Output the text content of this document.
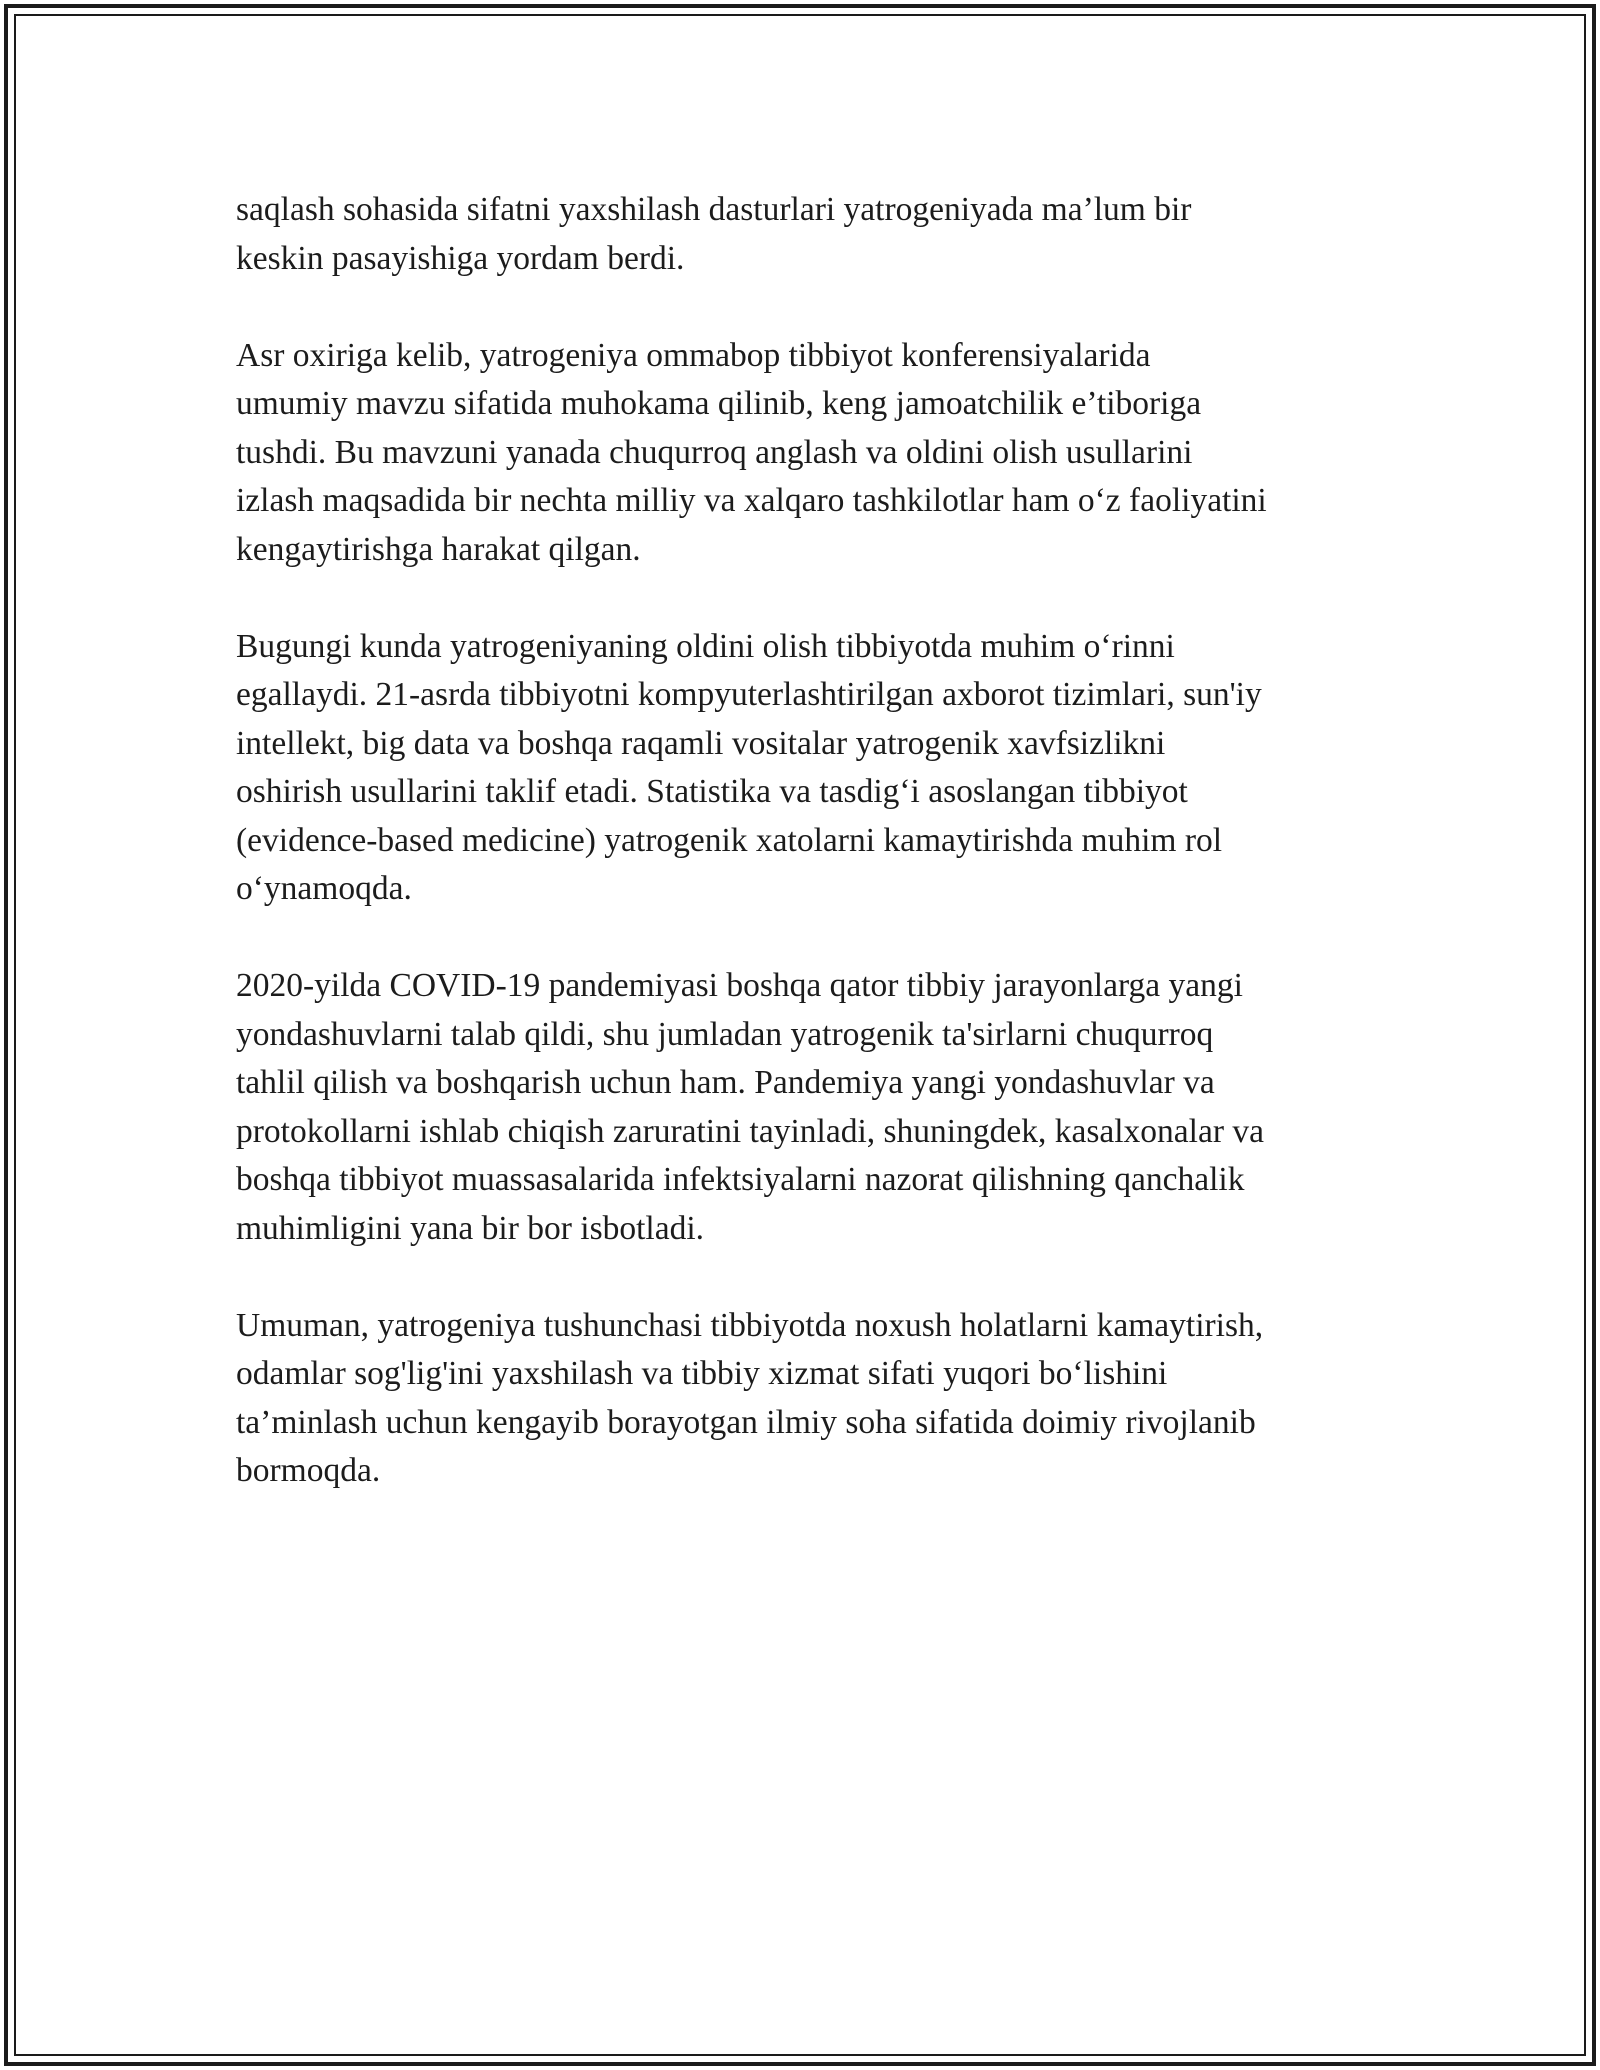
saqlash sohasida sifatni yaxshilash dasturlari yatrogeniyada ma’lum bir
keskin pasayishiga yordam berdi.

Asr oxiriga kelib, yatrogeniya ommabop tibbiyot konferensiyalarida
umumiy mavzu sifatida muhokama qilinib, keng jamoatchilik e’tiboriga
tushdi. Bu mavzuni yanada chuqurroq anglash va oldini olish usullarini
izlash maqsadida bir nechta milliy va xalqaro tashkilotlar ham o‘z faoliyatini
kengaytirishga harakat qilgan.

Bugungi kunda yatrogeniyaning oldini olish tibbiyotda muhim o‘rinni
egallaydi. 21-asrda tibbiyotni kompyuterlashtirilgan axborot tizimlari, sun'iy
intellekt, big data va boshqa raqamli vositalar yatrogenik xavfsizlikni
oshirish usullarini taklif etadi. Statistika va tasdig‘i asoslangan tibbiyot
(evidence-based medicine) yatrogenik xatolarni kamaytirishda muhim rol
o‘ynamoqda.

2020-yilda COVID-19 pandemiyasi boshqa qator tibbiy jarayonlarga yangi
yondashuvlarni talab qildi, shu jumladan yatrogenik ta'sirlarni chuqurroq
tahlil qilish va boshqarish uchun ham. Pandemiya yangi yondashuvlar va
protokollarni ishlab chiqish zaruratini tayinladi, shuningdek, kasalxonalar va
boshqa tibbiyot muassasalarida infektsiyalarni nazorat qilishning qanchalik
muhimligini yana bir bor isbotladi.

Umuman, yatrogeniya tushunchasi tibbiyotda noxush holatlarni kamaytirish,
odamlar sog'lig'ini yaxshilash va tibbiy xizmat sifati yuqori bo‘lishini
ta’minlash uchun kengayib borayotgan ilmiy soha sifatida doimiy rivojlanib
bormoqda.
